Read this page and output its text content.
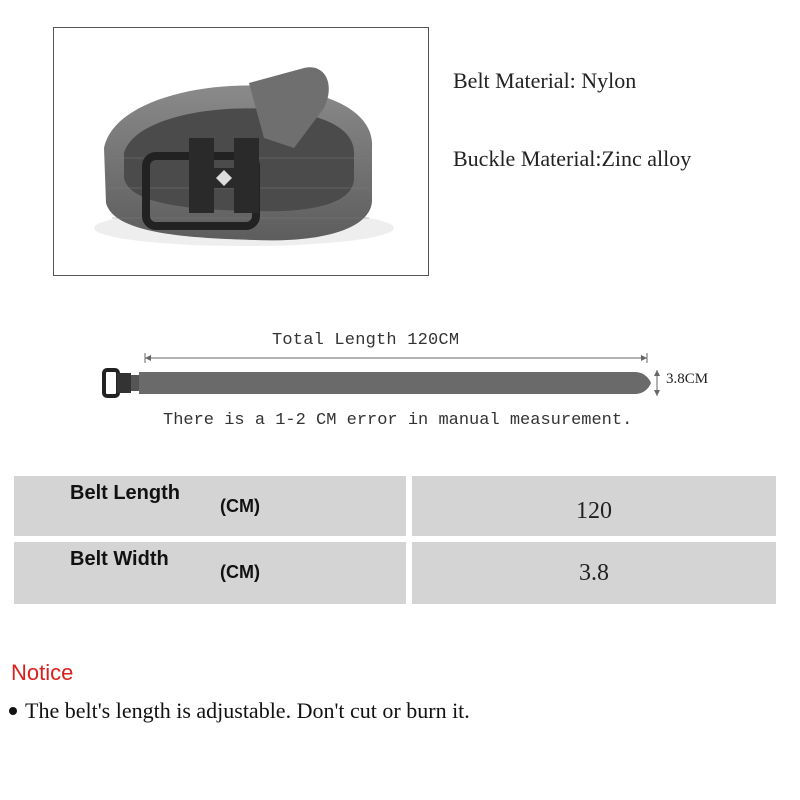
Belt Material: Nylon
Buckle Material:Zinc alloy
Total Length 120CM
3.8CM
There is a 1-2 CM error in manual measurement.
Belt Length
(CM)	120
Belt Width
(CM)	3.8
Notice
The belt's length is adjustable. Don't cut or burn it.
